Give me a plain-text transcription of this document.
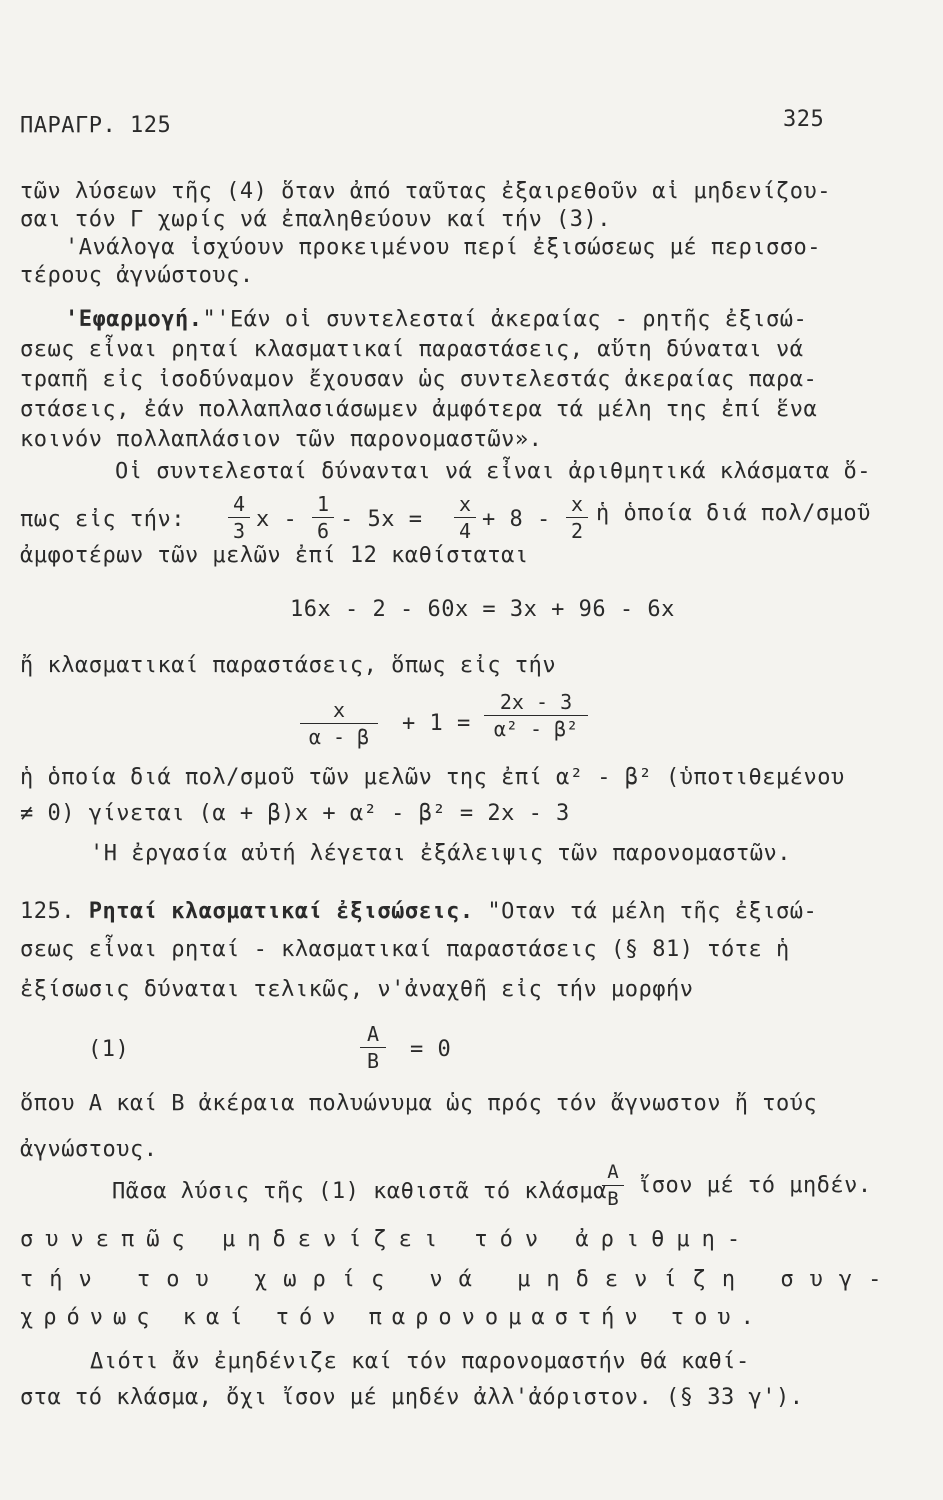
ΠΑΡΑΓΡ. 125	325
τῶν λύσεων τῆς (4) ὅταν ἀπό ταῦτας ἐξαιρεθοῦν αἱ μηδενίζου-
σαι τόν Γ χωρίς νά ἐπαληθεύουν καί τήν (3).
'Ανάλογα ἰσχύουν προκειμένου περί ἐξισώσεως μέ περισσο-
τέρους ἀγνώστους.
'Εφαρμογή."'Εάν οἱ συντελεσταί ἀκεραίας - ρητῆς ἐξισώ-
σεως εἶναι ρηταί κλασματικαί παραστάσεις, αὕτη δύναται νά
τραπῆ εἰς ἰσοδύναμον ἔχουσαν ὡς συντελεστάς ἀκεραίας παρα-
στάσεις, ἐάν πολλαπλασιάσωμεν ἀμφότερα τά μέλη της ἐπί ἕνα
κοινόν πολλαπλάσιον τῶν παρονομαστῶν».
Οἱ συντελεσταί δύνανται νά εἶναι ἀριθμητικά κλάσματα ὅ-
πως εἰς τήν:
4
3 x -
1
6 - 5x =
x
4 + 8 -
x
2
ἡ ὁποία διά πολ/σμοῦ
ἀμφοτέρων τῶν μελῶν ἐπί 12 καθίσταται
16x - 2 - 60x = 3x + 96 - 6x
ἤ κλασματικαί παραστάσεις, ὅπως εἰς τήν
x
α - β
+ 1 =
2x - 3
α² - β²
ἡ ὁποία διά πολ/σμοῦ τῶν μελῶν της ἐπί α² - β² (ὑποτιθεμένου
≠ 0) γίνεται (α + β)x + α² - β² = 2x - 3
'Η ἐργασία αὐτή λέγεται ἐξάλειψις τῶν παρονομαστῶν.
125. Ρηταί κλασματικαί ἐξισώσεις. "Οταν τά μέλη τῆς ἐξισώ-
σεως εἶναι ρηταί - κλασματικαί παραστάσεις (§ 81) τότε ἡ
ἐξίσωσις δύναται τελικῶς, ν'ἀναχθῆ εἰς τήν μορφήν
(1)
A
B	= 0
ὅπου Α καί Β ἀκέραια πολυώνυμα ὡς πρός τόν ἄγνωστον ἤ τούς
ἀγνώστους.
Πᾶσα λύσις τῆς (1) καθιστᾶ τό κλάσμα
A
B
ἴσον μέ τό μηδέν.
συνεπῶς μηδενίζει τόν ἀριθμη-
τήν του χωρίς νά μηδενίζη συγ-
χρόνως καί τόν παρονομαστήν του.
Διότι ἄν ἐμηδένιζε καί τόν παρονομαστήν θά καθί-
στα τό κλάσμα, ὄχι ἴσον μέ μηδέν ἀλλ'ἀόριστον. (§ 33 γ').
